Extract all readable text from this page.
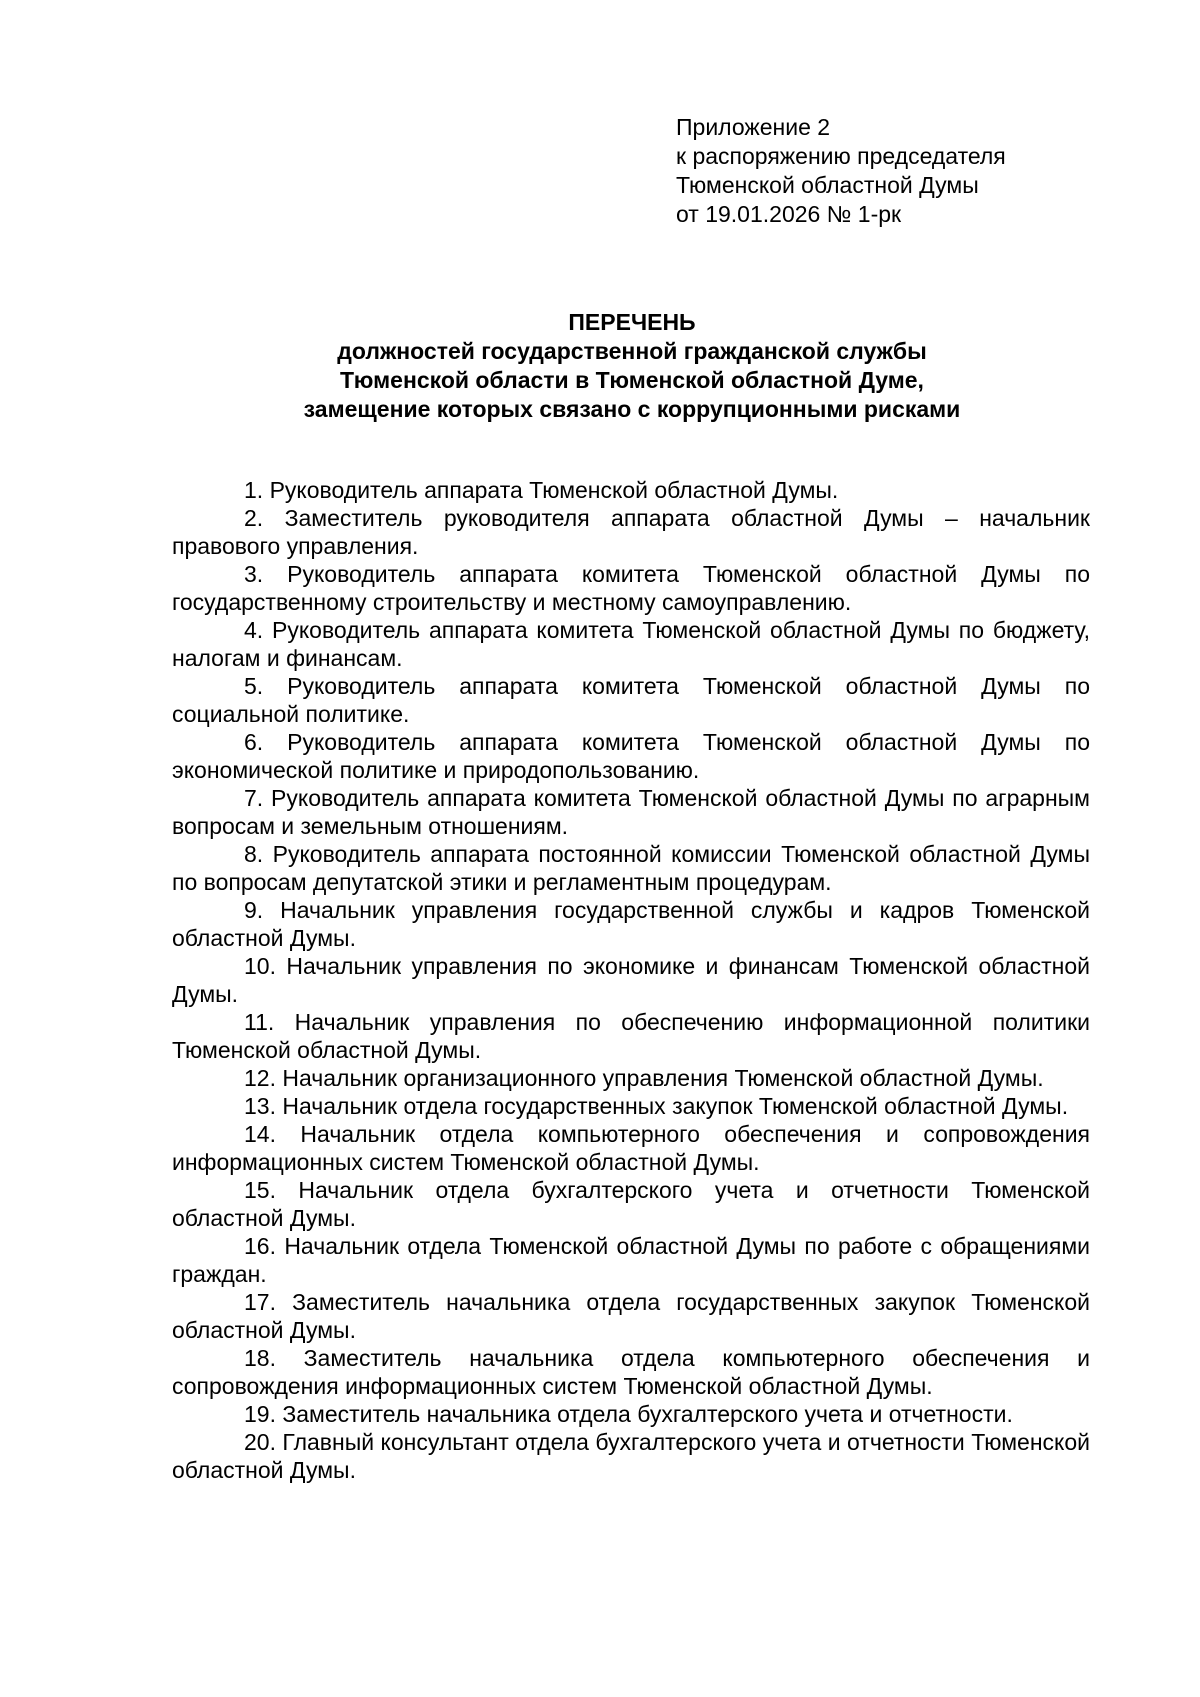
Приложение 2
к распоряжению председателя
Тюменской областной Думы
от 19.01.2026 № 1-рк
ПЕРЕЧЕНЬ
должностей государственной гражданской службы
Тюменской области в Тюменской областной Думе,
замещение которых связано с коррупционными рисками

1. Руководитель аппарата Тюменской областной Думы.

2. Заместитель руководителя аппарата областной Думы – начальник правового управления.

3. Руководитель аппарата комитета Тюменской областной Думы по государственному строительству и местному самоуправлению.

4. Руководитель аппарата комитета Тюменской областной Думы по бюджету, налогам и финансам.

5. Руководитель аппарата комитета Тюменской областной Думы по социальной политике.

6. Руководитель аппарата комитета Тюменской областной Думы по экономической политике и природопользованию.

7. Руководитель аппарата комитета Тюменской областной Думы по аграрным вопросам и земельным отношениям.

8. Руководитель аппарата постоянной комиссии Тюменской областной Думы по вопросам депутатской этики и регламентным процедурам.

9. Начальник управления государственной службы и кадров Тюменской областной Думы.

10. Начальник управления по экономике и финансам Тюменской областной Думы.

11. Начальник управления по обеспечению информационной политики Тюменской областной Думы.

12. Начальник организационного управления Тюменской областной Думы.

13. Начальник отдела государственных закупок Тюменской областной Думы.

14. Начальник отдела компьютерного обеспечения и сопровождения информационных систем Тюменской областной Думы.

15. Начальник отдела бухгалтерского учета и отчетности Тюменской областной Думы.

16. Начальник отдела Тюменской областной Думы по работе с обращениями граждан.

17. Заместитель начальника отдела государственных закупок Тюменской областной Думы.

18. Заместитель начальника отдела компьютерного обеспечения и сопровождения информационных систем Тюменской областной Думы.

19. Заместитель начальника отдела бухгалтерского учета и отчетности.

20. Главный консультант отдела бухгалтерского учета и отчетности Тюменской областной Думы.
